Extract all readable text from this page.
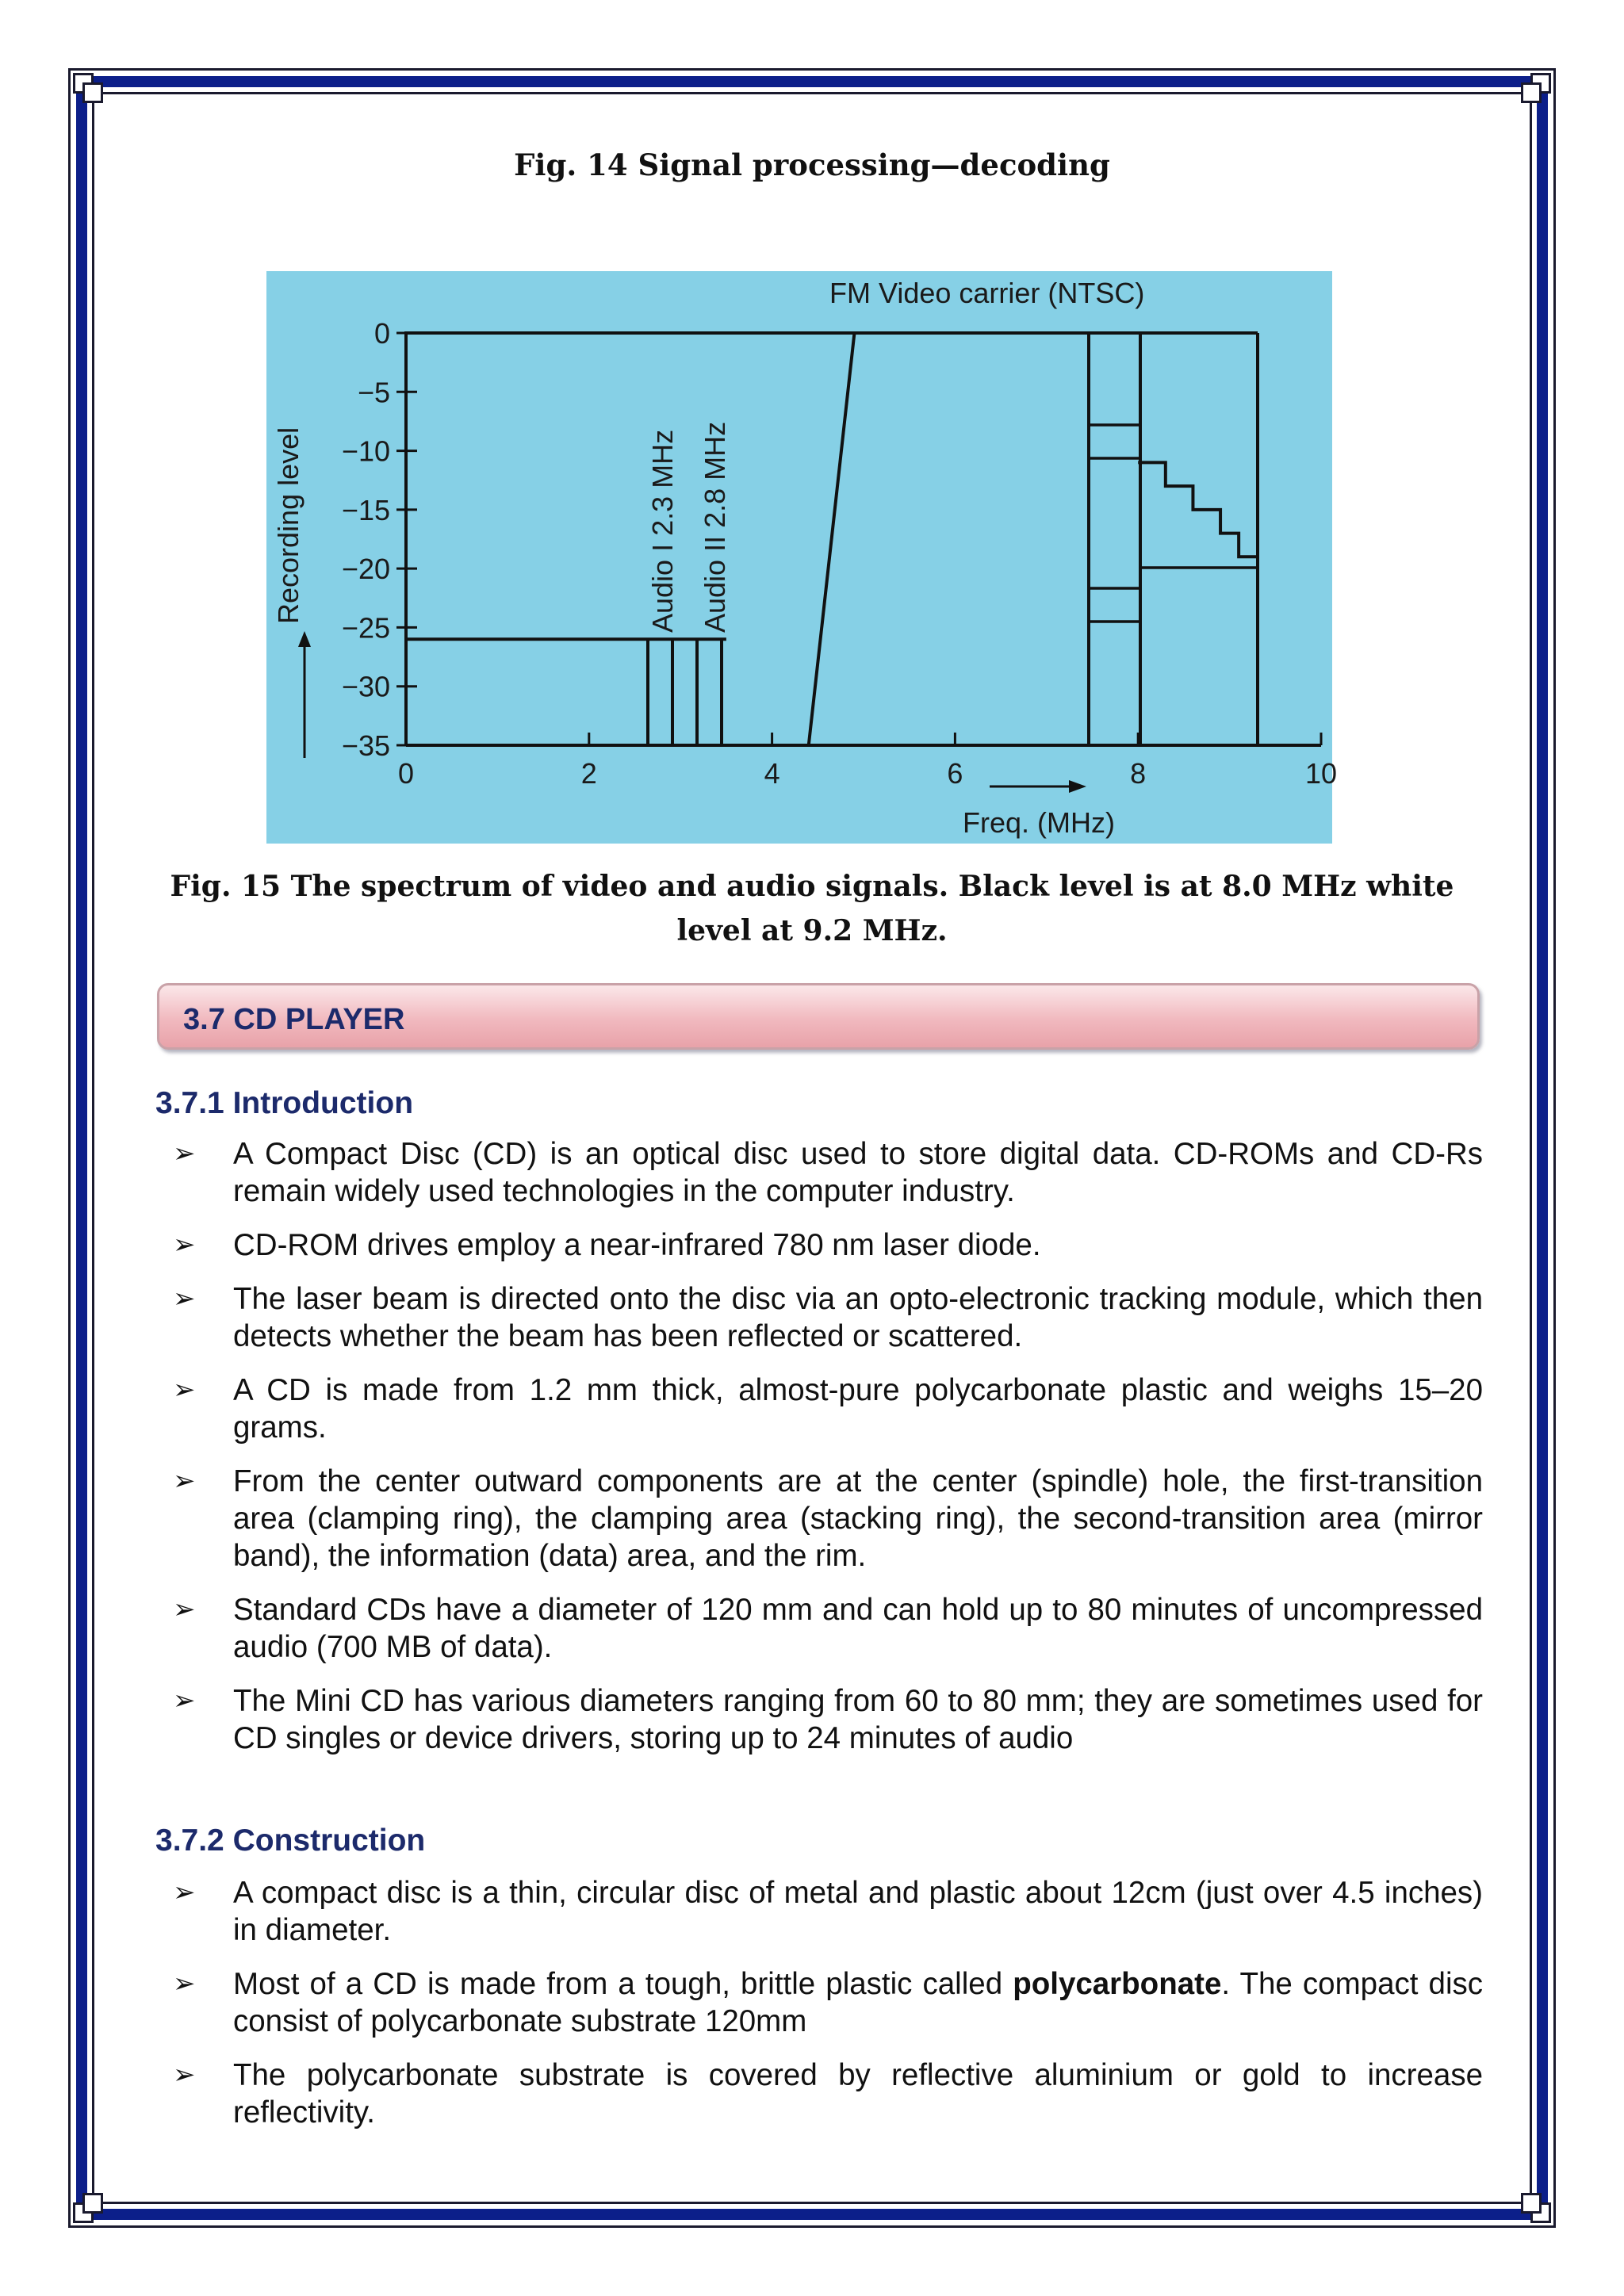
Fig. 14 Signal processing—decoding
0	2	4	6	8	10
0
−5
−10
−15
−20
−25
−30
−35
FM Video carrier (NTSC)
Freq. (MHz)
Recording level	Audio I 2.3 MHz Audio II 2.8 MHz
Fig. 15 The spectrum of video and audio signals. Black level is at 8.0 MHz white level at 9.2 MHz.
3.7 CD PLAYER
3.7.1 Introduction
➢ A Compact Disc (CD) is an optical disc used to store digital data. CD-ROMs and CD-Rs remain widely used technologies in the computer industry.
➢ CD-ROM drives employ a near-infrared 780 nm laser diode.
➢ The laser beam is directed onto the disc via an opto-electronic tracking module, which then detects whether the beam has been reflected or scattered.
➢ A CD is made from 1.2 mm thick, almost-pure polycarbonate plastic and weighs 15–20 grams.
➢ From the center outward components are at the center (spindle) hole, the first-transition area (clamping ring), the clamping area (stacking ring), the second-transition area (mirror band), the information (data) area, and the rim.
➢ Standard CDs have a diameter of 120 mm and can hold up to 80 minutes of uncompressed audio (700 MB of data).
➢ The Mini CD has various diameters ranging from 60 to 80 mm; they are sometimes used for CD singles or device drivers, storing up to 24 minutes of audio
3.7.2 Construction
➢ A compact disc is a thin, circular disc of metal and plastic about 12cm (just over 4.5 inches) in diameter.
➢ Most of a CD is made from a tough, brittle plastic called polycarbonate. The compact disc consist of polycarbonate substrate 120mm
➢ The polycarbonate substrate is covered by reflective aluminium or gold to increase reflectivity.
